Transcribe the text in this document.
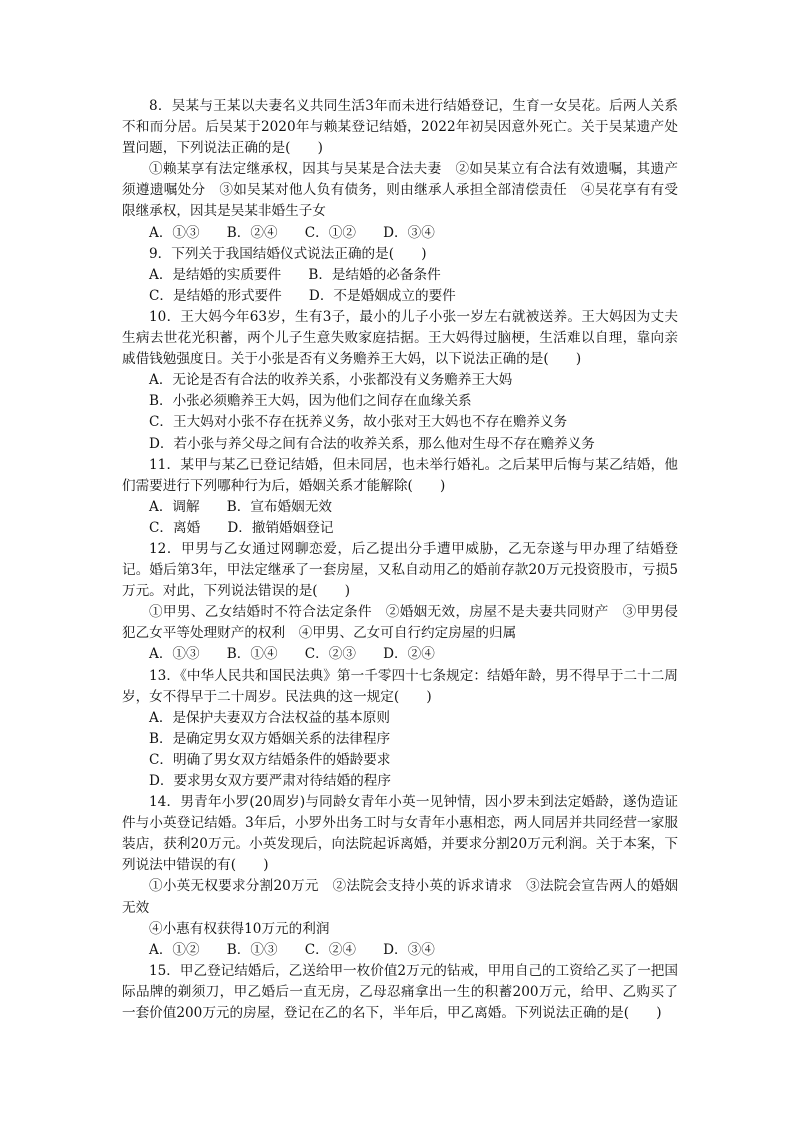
8．吴某与王某以夫妻名义共同生活3年而未进行结婚登记，生育一女吴花。后两人关系不和而分居。后吴某于2020年与赖某登记结婚，2022年初吴因意外死亡。关于吴某遗产处置问题，下列说法正确的是(　　)

①赖某享有法定继承权，因其与吴某是合法夫妻　②如吴某立有合法有效遗嘱，其遗产须遵遗嘱处分　③如吴某对他人负有债务，则由继承人承担全部清偿责任　④吴花享有有受限继承权，因其是吴某非婚生子女

A．①③　　B．②④　　C．①②　　D．③④

9．下列关于我国结婚仪式说法正确的是(　　)

A．是结婚的实质要件　　B．是结婚的必备条件

C．是结婚的形式要件　　D．不是婚姻成立的要件

10．王大妈今年63岁，生有3子，最小的儿子小张一岁左右就被送养。王大妈因为丈夫生病去世花光积蓄，两个儿子生意失败家庭拮据。王大妈得过脑梗，生活难以自理，靠向亲戚借钱勉强度日。关于小张是否有义务赡养王大妈，以下说法正确的是(　　)

A．无论是否有合法的收养关系，小张都没有义务赡养王大妈

B．小张必须赡养王大妈，因为他们之间存在血缘关系

C．王大妈对小张不存在抚养义务，故小张对王大妈也不存在赡养义务

D．若小张与养父母之间有合法的收养关系，那么他对生母不存在赡养义务

11．某甲与某乙已登记结婚，但未同居，也未举行婚礼。之后某甲后悔与某乙结婚，他们需要进行下列哪种行为后，婚姻关系才能解除(　　)

A．调解　　B．宣布婚姻无效

C．离婚　　D．撤销婚姻登记

12．甲男与乙女通过网聊恋爱，后乙提出分手遭甲威胁，乙无奈遂与甲办理了结婚登记。婚后第3年，甲法定继承了一套房屋，又私自动用乙的婚前存款20万元投资股市，亏损5万元。对此，下列说法错误的是(　　)

①甲男、乙女结婚时不符合法定条件　②婚姻无效，房屋不是夫妻共同财产　③甲男侵犯乙女平等处理财产的权利　④甲男、乙女可自行约定房屋的归属

A．①③　　B．①④　　C．②③　　D．②④

13．《中华人民共和国民法典》第一千零四十七条规定：结婚年龄，男不得早于二十二周岁，女不得早于二十周岁。民法典的这一规定(　　)

A．是保护夫妻双方合法权益的基本原则

B．是确定男女双方婚姻关系的法律程序

C．明确了男女双方结婚条件的婚龄要求

D．要求男女双方要严肃对待结婚的程序

14．男青年小罗(20周岁)与同龄女青年小英一见钟情，因小罗未到法定婚龄，遂伪造证件与小英登记结婚。3年后，小罗外出务工时与女青年小惠相恋，两人同居并共同经营一家服装店，获利20万元。小英发现后，向法院起诉离婚，并要求分割20万元利润。关于本案，下列说法中错误的有(　　)

①小英无权要求分割20万元　②法院会支持小英的诉求请求　③法院会宣告两人的婚姻无效

④小惠有权获得10万元的利润

A．①②　　B．①③　　C．②④　　D．③④

15．甲乙登记结婚后，乙送给甲一枚价值2万元的钻戒，甲用自己的工资给乙买了一把国际品牌的剃须刀，甲乙婚后一直无房，乙母忍痛拿出一生的积蓄200万元，给甲、乙购买了一套价值200万元的房屋，登记在乙的名下，半年后，甲乙离婚。下列说法正确的是(　　)
